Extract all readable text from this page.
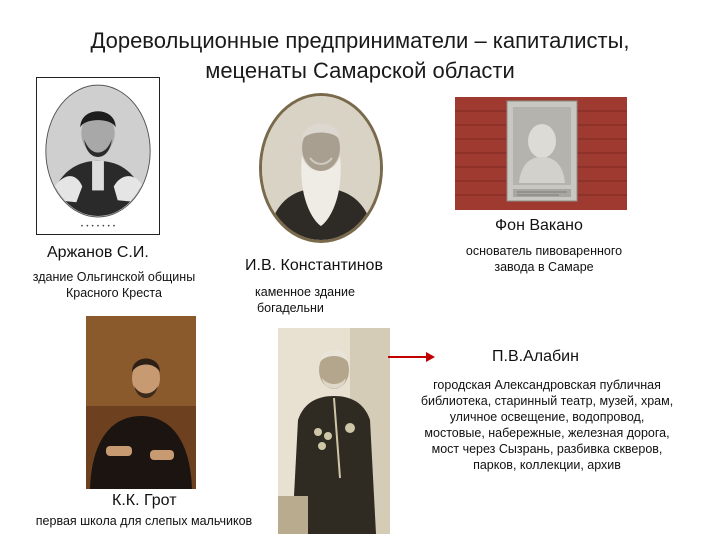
Доревольционные предприниматели – капиталисты,
меценаты Самарской области
• • • • • • •
Аржанов С.И.
И.В. Константинов
Фон Вакано
К.К. Грот
П.В.Алабин
здание Ольгинской общины
Красного Креста	каменное здание
богадельни
основатель пивоваренного
завода в Самаре
первая школа для слепых мальчиков
городская Александровская публичная
библиотека, старинный театр, музей, храм,
уличное освещение, водопровод,
мостовые, набережные, железная дорога,
мост через Сызрань, разбивка скверов,
парков, коллекции, архив
